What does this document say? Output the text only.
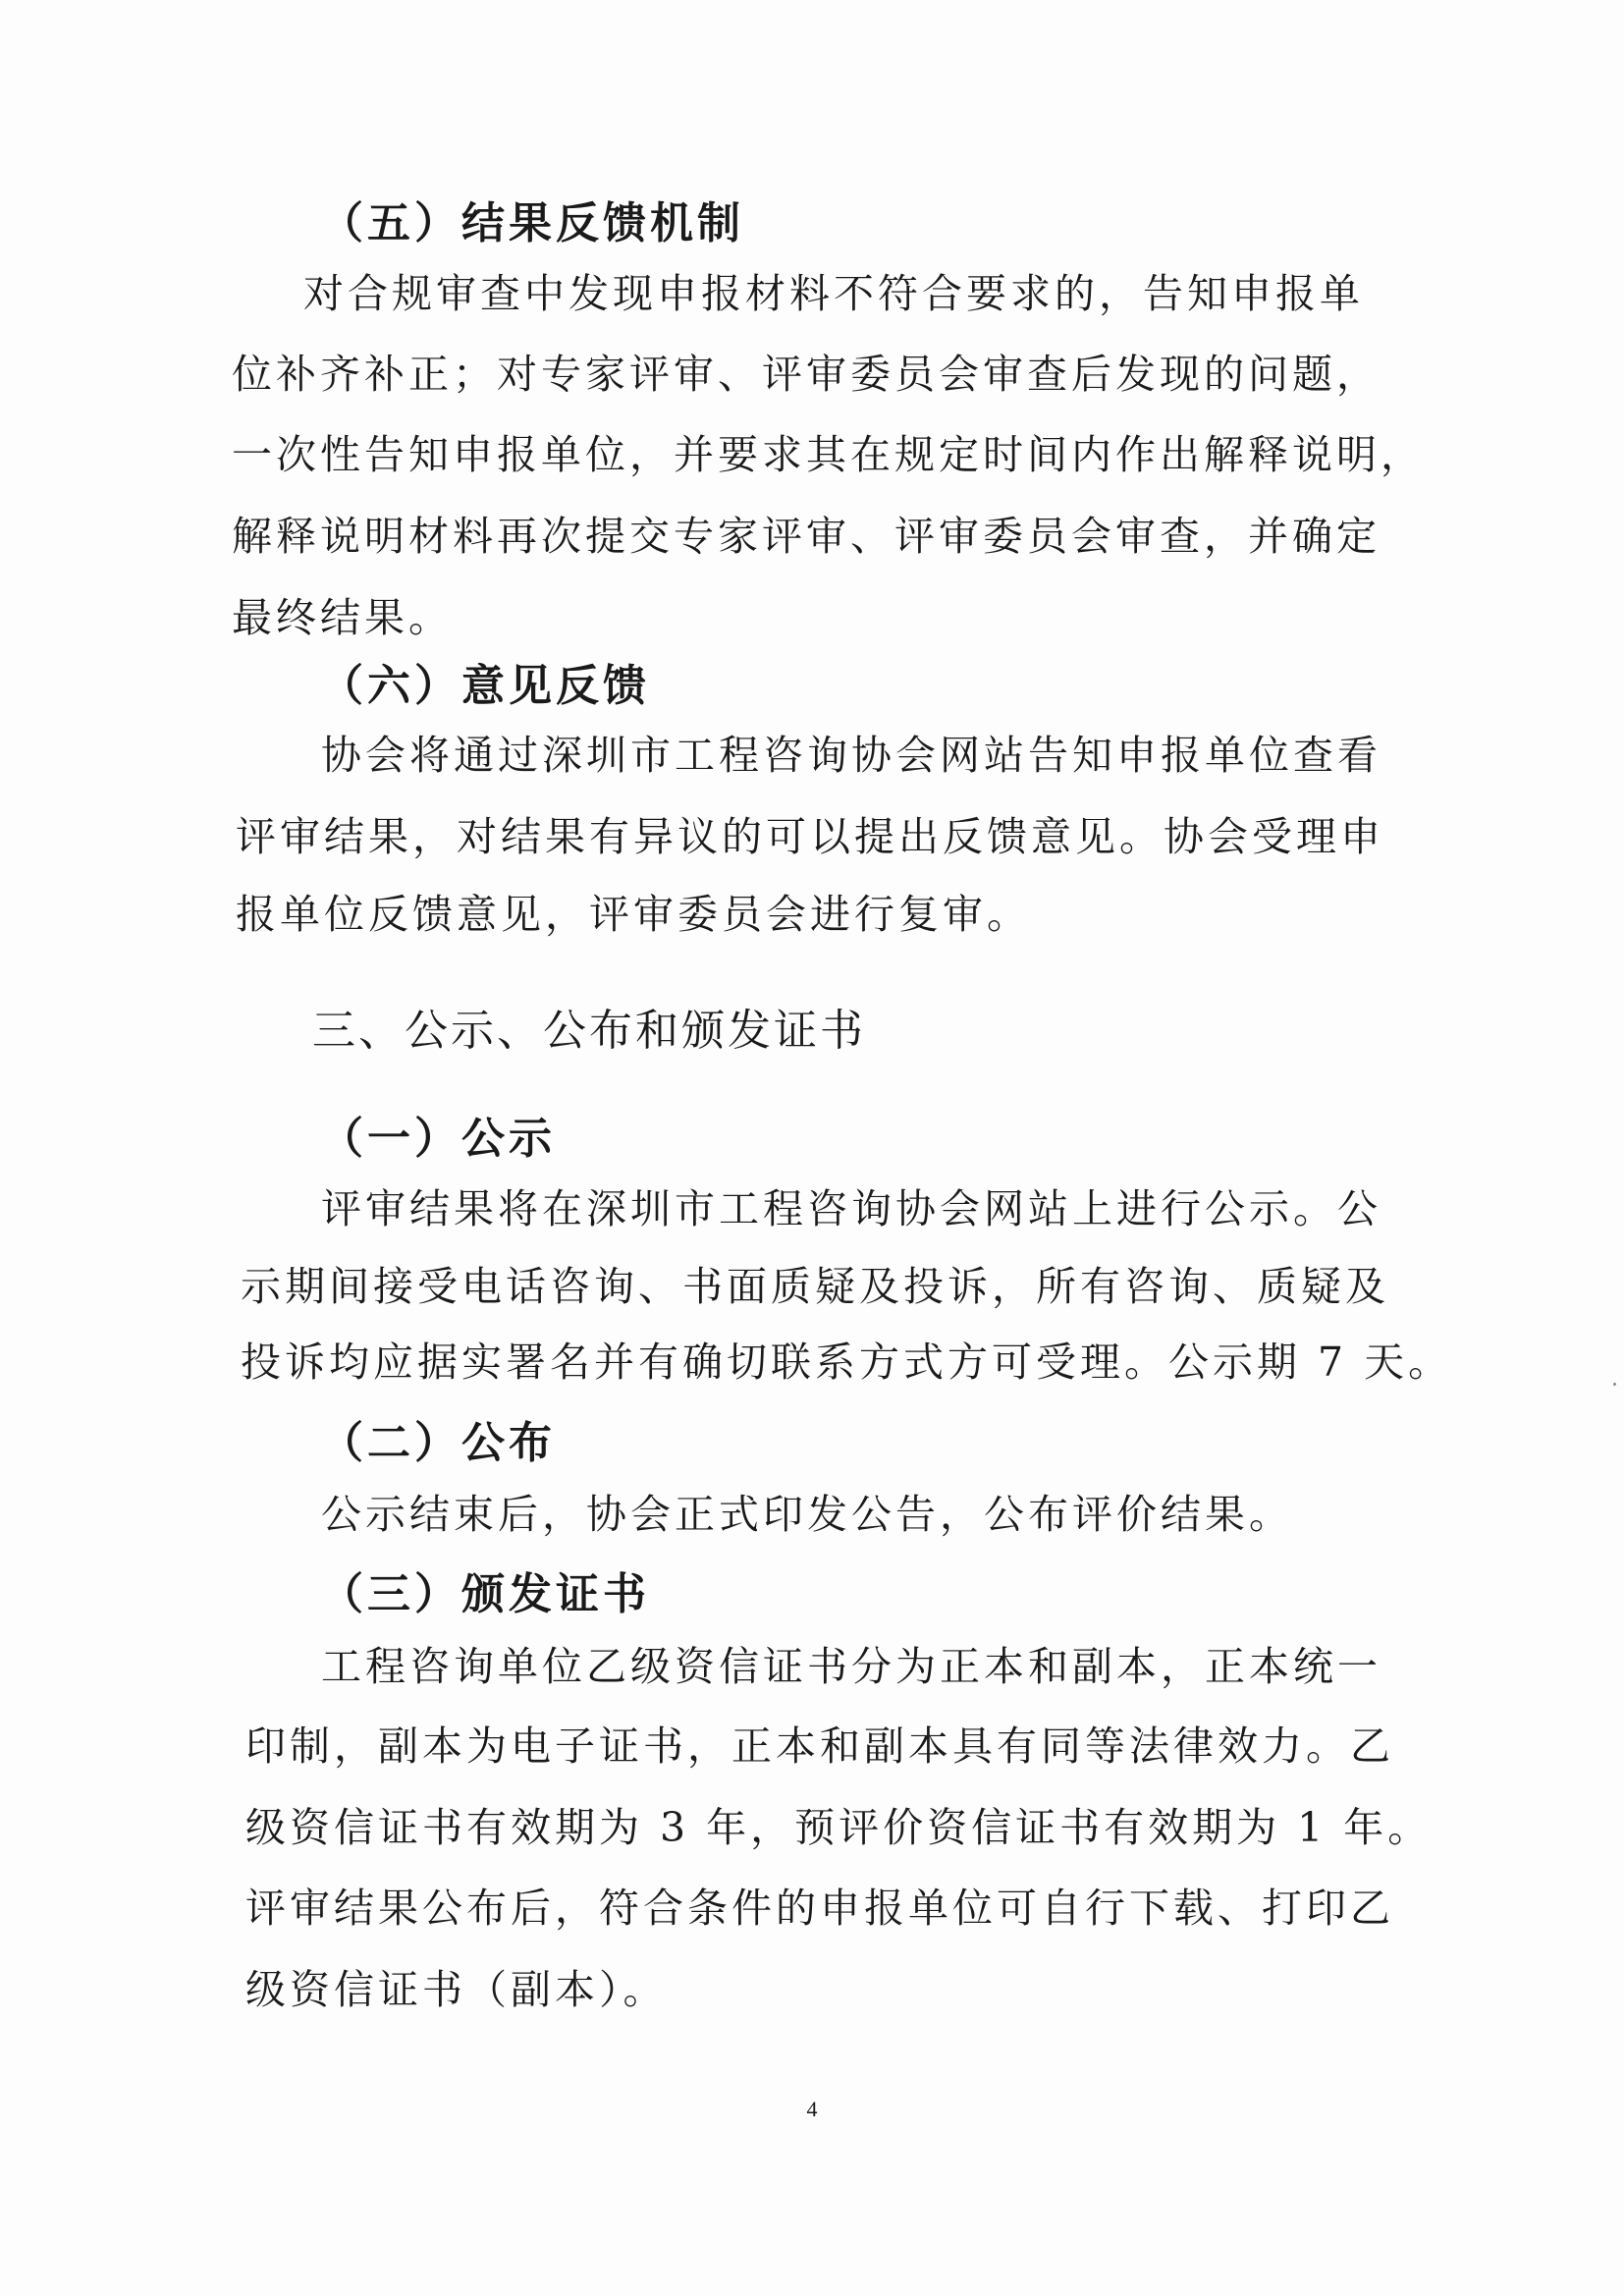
（五）结果反馈机制

对合规审查中发现申报材料不符合要求的，告知申报单

位补齐补正；对专家评审、评审委员会审查后发现的问题，

一次性告知申报单位，并要求其在规定时间内作出解释说明，

解释说明材料再次提交专家评审、评审委员会审查，并确定

最终结果。

（六）意见反馈

协会将通过深圳市工程咨询协会网站告知申报单位查看

评审结果，对结果有异议的可以提出反馈意见。协会受理申

报单位反馈意见，评审委员会进行复审。

三、公示、公布和颁发证书
（一）公示

评审结果将在深圳市工程咨询协会网站上进行公示。公

示期间接受电话咨询、书面质疑及投诉，所有咨询、质疑及

投诉均应据实署名并有确切联系方式方可受理。公示期 7 天。

（二）公布

公示结束后，协会正式印发公告，公布评价结果。

（三）颁发证书

工程咨询单位乙级资信证书分为正本和副本，正本统一

印制，副本为电子证书，正本和副本具有同等法律效力。乙

级资信证书有效期为 3 年，预评价资信证书有效期为 1 年。

评审结果公布后，符合条件的申报单位可自行下载、打印乙

级资信证书（副本）。

4
